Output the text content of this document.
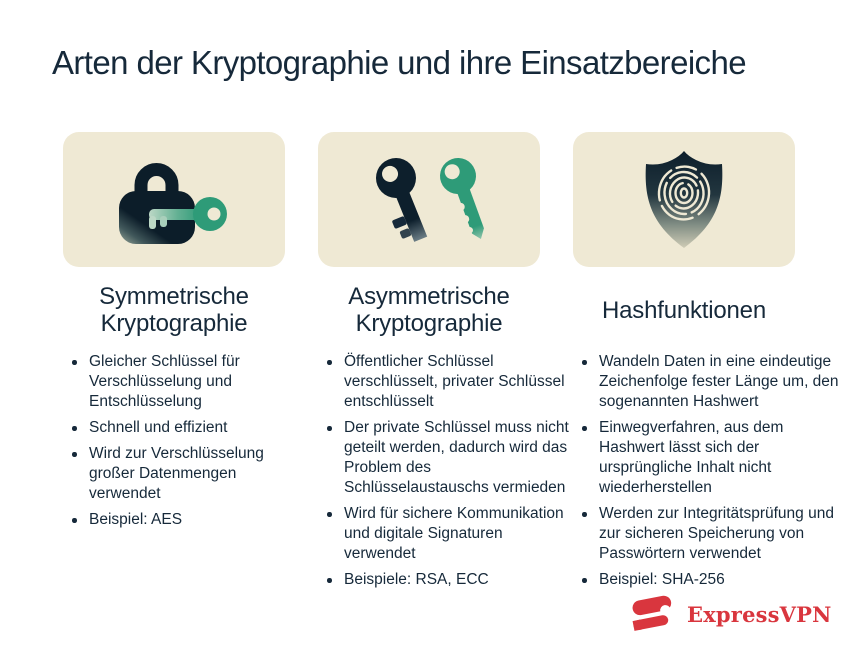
Arten der Kryptographie und ihre Einsatzbereiche
Symmetrische Kryptographie
Gleicher Schlüssel für Verschlüsselung und Entschlüsselung
Schnell und effizient
Wird zur Verschlüsselung großer Datenmengen verwendet
Beispiel: AES
Asymmetrische Kryptographie
Öffentlicher Schlüssel verschlüsselt, privater Schlüssel entschlüsselt
Der private Schlüssel muss nicht geteilt werden, dadurch wird das Problem des Schlüsselaustauschs vermieden
Wird für sichere Kommunikation und digitale Signaturen verwendet
Beispiele: RSA, ECC
Hashfunktionen
Wandeln Daten in eine eindeutige Zeichenfolge fester Länge um, den sogenannten Hashwert
Einwegverfahren, aus dem Hashwert lässt sich der ursprüngliche Inhalt nicht wiederherstellen
Werden zur Integritätsprüfung und zur sicheren Speicherung von Passwörtern verwendet
Beispiel: SHA-256
ExpressVPN
